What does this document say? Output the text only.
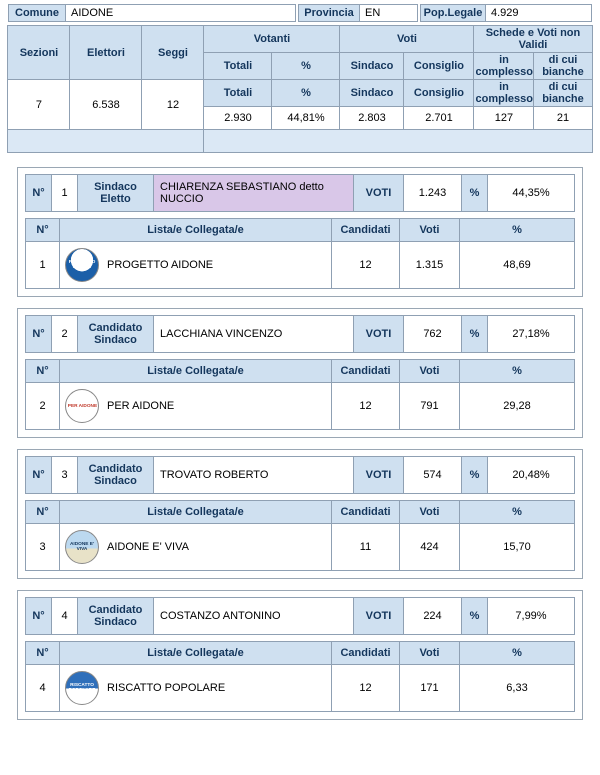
Comune	AIDONE	Provincia	EN	Pop.Legale 4.929
Sezioni	Elettori	Seggi	Votanti		Voti		Schede e Voti non Validi	
			Totali	%	Sindaco	Consiglio	in complesso	di cui bianche
7	6.538	12	Totali	%	Sindaco	Consiglio	in complesso	di cui bianche
			2.930	44,81%	2.803	2.701	127	21

N°	1	Sindaco Eletto	CHIARENZA SEBASTIANO detto NUCCIO	VOTI	1.243	%	44,35%
N°	Lista/e Collegata/e	Candidati	Voti	%
1	PROGETTO AIDONE PROGETTO AIDONE	12	1.315	48,69
N°	2	Candidato Sindaco	LACCHIANA VINCENZO	VOTI	762	%	27,18%
N°	Lista/e Collegata/e	Candidati	Voti	%
2	PER AIDONE PER AIDONE	12	791	29,28
N°	3	Candidato Sindaco	TROVATO ROBERTO	VOTI	574	%	20,48%
N°	Lista/e Collegata/e	Candidati	Voti	%
3	AIDONE E' VIVA AIDONE E' VIVA	11	424	15,70
N°	4	Candidato Sindaco	COSTANZO ANTONINO	VOTI	224	%	7,99%
N°	Lista/e Collegata/e	Candidati	Voti	%
4	RISCATTO POPOLARE RISCATTO POPOLARE	12	171	6,33
